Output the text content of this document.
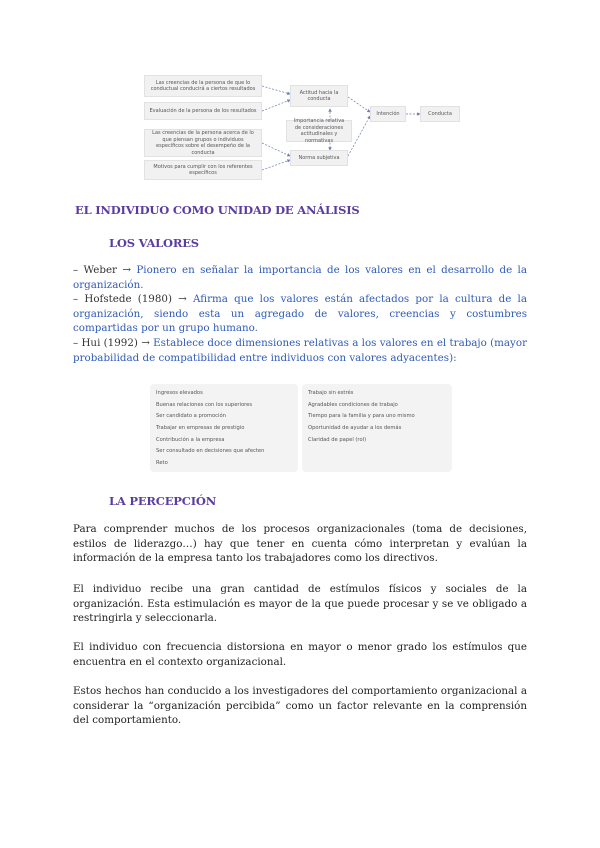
Las creencias de la persona de que lo conductual conducirá a ciertos resultados
Evaluación de la persona de los resultados
Las creencias de la persona acerca de lo que piensan grupos o individuos específicos sobre el desempeño de la conducta
Motivos para cumplir con los referentes específicos
Actitud hacia la conducta
Importancia relativa de consideraciones actitudinales y normativas
Norma subjetiva
Intención	Conducta
EL INDIVIDUO COMO UNIDAD DE ANÁLISIS
LOS VALORES

– Weber → Pionero en señalar la importancia de los valores en el desarrollo de la organización.

– Hofstede (1980) → Afirma que los valores están afectados por la cultura de la organización, siendo esta un agregado de valores, creencias y costumbres compartidas por un grupo humano.

– Hui (1992) → Establece doce dimensiones relativas a los valores en el trabajo (mayor probabilidad de compatibilidad entre individuos con valores adyacentes):

Ingresos elevados
Buenas relaciones con los superiores
Ser candidato a promoción
Trabajar en empresas de prestigio
Contribución a la empresa
Ser consultado en decisiones que afecten
Reto
Trabajo sin estrés
Agradables condiciones de trabajo
Tiempo para la familia y para uno mismo
Oportunidad de ayudar a los demás
Claridad de papel (rol)
LA PERCEPCIÓN

Para comprender muchos de los procesos organizacionales (toma de decisiones, estilos de liderazgo…) hay que tener en cuenta cómo interpretan y evalúan la información de la empresa tanto los trabajadores como los directivos.

El individuo recibe una gran cantidad de estímulos físicos y sociales de la organización. Esta estimulación es mayor de la que puede procesar y se ve obligado a restringirla y seleccionarla.

El individuo con frecuencia distorsiona en mayor o menor grado los estímulos que encuentra en el contexto organizacional.

Estos hechos han conducido a los investigadores del comportamiento organizacional a considerar la “organización percibida” como un factor relevante en la comprensión del comportamiento.
